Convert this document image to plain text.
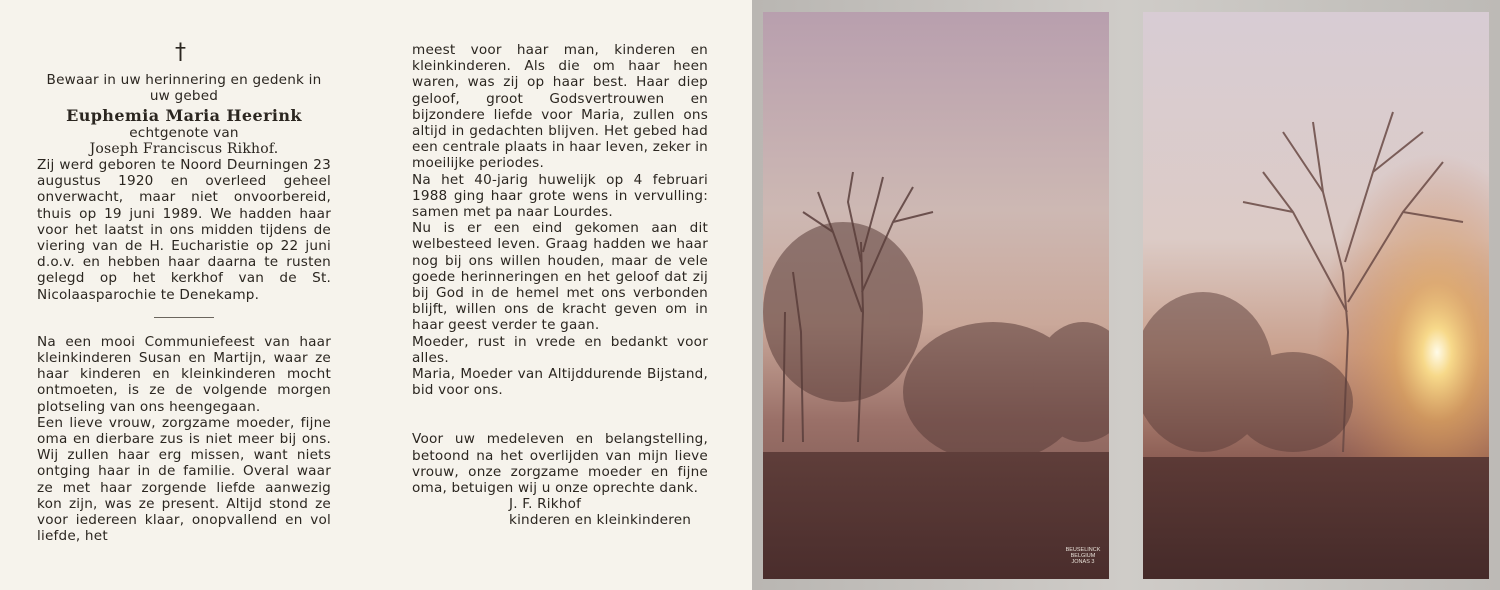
†

Bewaar in uw herinnering en gedenk in uw gebed

Euphemia Maria Heerink

echtgenote van

Joseph Franciscus Rikhof.

Zij werd geboren te Noord Deurningen 23 augustus 1920 en overleed geheel onverwacht, maar niet onvoorbereid, thuis op 19 juni 1989. We hadden haar voor het laatst in ons midden tijdens de viering van de H. Eucharistie op 22 juni d.o.v. en hebben haar daarna te rusten gelegd op het kerkhof van de St. Nicolaasparochie te Denekamp.

Na een mooi Communiefeest van haar kleinkinderen Susan en Martijn, waar ze haar kinderen en kleinkinderen mocht ontmoeten, is ze de volgende morgen plotseling van ons heengegaan.

Een lieve vrouw, zorgzame moeder, fijne oma en dierbare zus is niet meer bij ons. Wij zullen haar erg missen, want niets ontging haar in de familie. Overal waar ze met haar zorgende liefde aanwezig kon zijn, was ze present. Altijd stond ze voor iedereen klaar, onopvallend en vol liefde, het

meest voor haar man, kinderen en kleinkinderen. Als die om haar heen waren, was zij op haar best. Haar diep geloof, groot Godsvertrouwen en bijzondere liefde voor Maria, zullen ons altijd in gedachten blijven. Het gebed had een centrale plaats in haar leven, zeker in moeilijke periodes.

Na het 40-jarig huwelijk op 4 februari 1988 ging haar grote wens in vervulling: samen met pa naar Lourdes.

Nu is er een eind gekomen aan dit welbesteed leven. Graag hadden we haar nog bij ons willen houden, maar de vele goede herinneringen en het geloof dat zij bij God in de hemel met ons verbonden blijft, willen ons de kracht geven om in haar geest verder te gaan.

Moeder, rust in vrede en bedankt voor alles.

Maria, Moeder van Altijddurende Bijstand, bid voor ons.

Voor uw medeleven en belangstelling, betoond na het overlijden van mijn lieve vrouw, onze zorgzame moeder en fijne oma, betuigen wij u onze oprechte dank.

J. F. Rikhof

kinderen en kleinkinderen

BEUSELINCK
BELGIUM
JONAS 3
